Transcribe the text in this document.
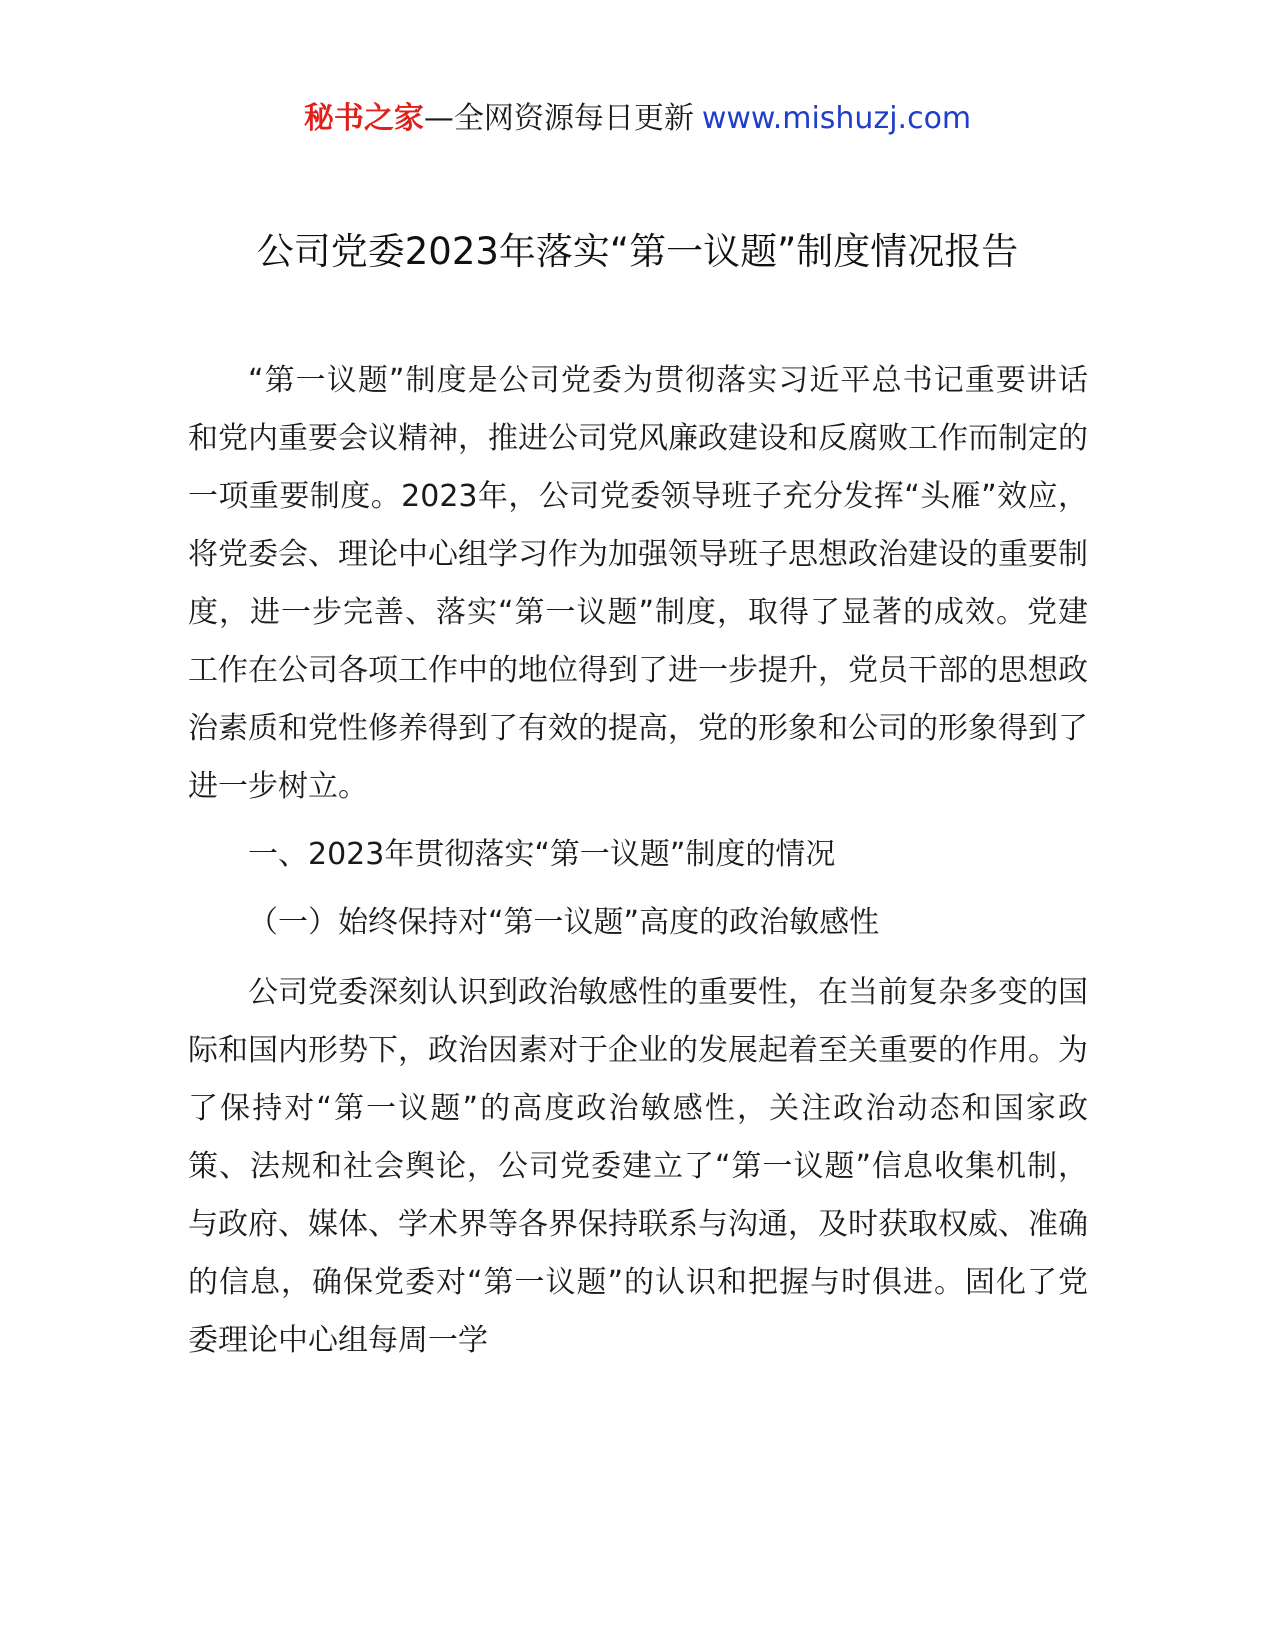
秘书之家—全网资源每日更新 www.mishuzj.com
公司党委2023年落实“第一议题”制度情况报告

“第一议题”制度是公司党委为贯彻落实习近平总书记重要讲话和党内重要会议精神，推进公司党风廉政建设和反腐败工作而制定的一项重要制度。2023年，公司党委领导班子充分发挥“头雁”效应，将党委会、理论中心组学习作为加强领导班子思想政治建设的重要制度，进一步完善、落实“第一议题”制度，取得了显著的成效。党建工作在公司各项工作中的地位得到了进一步提升，党员干部的思想政治素质和党性修养得到了有效的提高，党的形象和公司的形象得到了进一步树立。

一、2023年贯彻落实“第一议题”制度的情况

（一）始终保持对“第一议题”高度的政治敏感性

公司党委深刻认识到政治敏感性的重要性，在当前复杂多变的国际和国内形势下，政治因素对于企业的发展起着至关重要的作用。为了保持对“第一议题”的高度政治敏感性，关注政治动态和国家政策、法规和社会舆论，公司党委建立了“第一议题”信息收集机制，与政府、媒体、学术界等各界保持联系与沟通，及时获取权威、准确的信息，确保党委对“第一议题”的认识和把握与时俱进。固化了党委理论中心组每周一学
